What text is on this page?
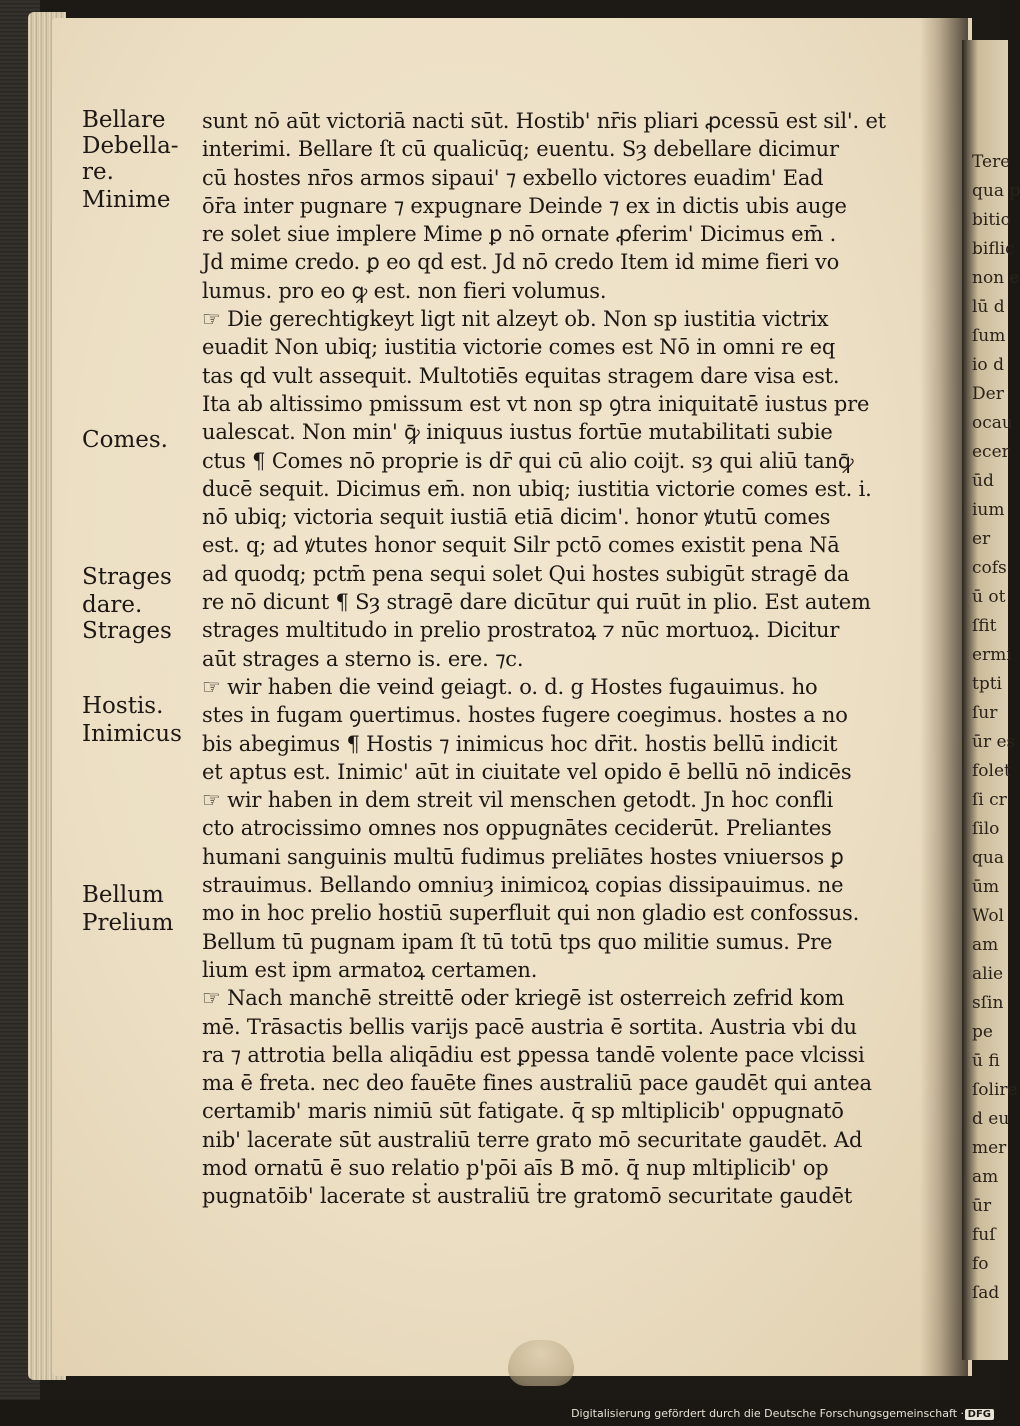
Tere
qua p
bitio
biflic
non e
lū d
ſum
io d
Der
ocau
ecer
ūd
ium
er
cofs
ū ot
ſfit
ermi
tpti
ſur
ūr es
folet
ſi cr
ſilo
qua
ūm
Wol
am
alie
sſin
pe
ū fi
ſolire
d eu
mer
am
ūr
fuſ
fo
ſad
Bellare
Debella-
re.
Minime
Comes.
Strages
dare.
Strages
Hostis.
Inimicus
Bellum
Prelium
sunt nō aūt victoriā nacti sūt. Hostib' nr̄is pliari ꝓcessū est sil'. et
interimi. Bellare ſt cū qualicūq; euentu. Sȝ debellare dicimur
cū hostes nr̄os armos sipaui' ⁊ exbello victores euadim' Ead
ōr̄a inter pugnare ⁊ expugnare Deinde ⁊ ex in dictis ubis auge
re solet siue implere Mime ꝑ nō ornate ꝓferim' Dicimus em̄ .
Jd mime credo. ꝑ eo qd est. Jd nō credo Item id mime fieri vo
lumus. pro eo ꝙ est. non fieri volumus.
☞ Die gerechtigkeyt ligt nit alzeyt ob. Non sp iustitia victrix
euadit Non ubiq; iustitia victorie comes est Nō in omni re eq
tas qd vult assequit. Multotiēs equitas stragem dare visa est.
Ita ab altissimo pmissum est vt non sp ꝯtra iniquitatē iustus pre
ualescat. Non min' ꝙ̄ iniquus iustus fortūe mutabilitati subie
ctus ¶ Comes nō proprie is dr̄ qui cū alio coijt. sȝ qui aliū tanꝙ̄
ducē sequit. Dicimus em̄. non ubiq; iustitia victorie comes est. i.
nō ubiq; victoria sequit iustiā etiā dicim'. honor ꝟtutū comes
est. q; ad ꝟtutes honor sequit Silr pctō comes existit pena Nā
ad quodq; pctm̄ pena sequi solet Qui hostes subigūt stragē da
re nō dicunt ¶ Sȝ stragē dare dicūtur qui ruūt in plio. Est autem
strages multitudo in prelio prostratoꝝ ⁊ nūc mortuoꝝ. Dicitur
aūt strages a sterno is. ere. ⁊c.
☞ wir haben die veind geiagt. o. d. g Hostes fugauimus. ho
stes in fugam ꝯuertimus. hostes fugere coegimus. hostes a no
bis abegimus ¶ Hostis ⁊ inimicus hoc dr̄it. hostis bellū indicit
et aptus est. Inimic' aūt in ciuitate vel opido ē bellū nō indicēs
☞ wir haben in dem streit vil menschen getodt. Jn hoc confli
cto atrocissimo omnes nos oppugnātes ceciderūt. Preliantes
humani sanguinis multū fudimus preliātes hostes vniuersos ꝑ
strauimus. Bellando omniuȝ inimicoꝝ copias dissipauimus. ne
mo in hoc prelio hostiū superfluit qui non gladio est confossus.
Bellum tū pugnam ipam ſt tū totū tps quo militie sumus. Pre
lium est ipm armatoꝝ certamen.
☞ Nach manchē streittē oder kriegē ist osterreich zefrid kom
mē. Trāsactis bellis varijs pacē austria ē sortita. Austria vbi du
ra ⁊ attrotia bella aliqādiu est ꝑpessa tandē volente pace vlcissi
ma ē freta. nec deo fauēte fines australiū pace gaudēt qui antea
certamib' maris nimiū sūt fatigate. q̄ sp mltiplicib' oppugnatō
nib' lacerate sūt australiū terre grato mō securitate gaudēt. Ad
mod ornatū ē suo relatio p'pōi aīs B mō. q̄ nup mltiplicib' op
pugnatōib' lacerate sṫ australiū ṫre gratomō securitate gaudēt
Digitalisierung gefördert durch die Deutsche Forschungsgemeinschaft · DFG
